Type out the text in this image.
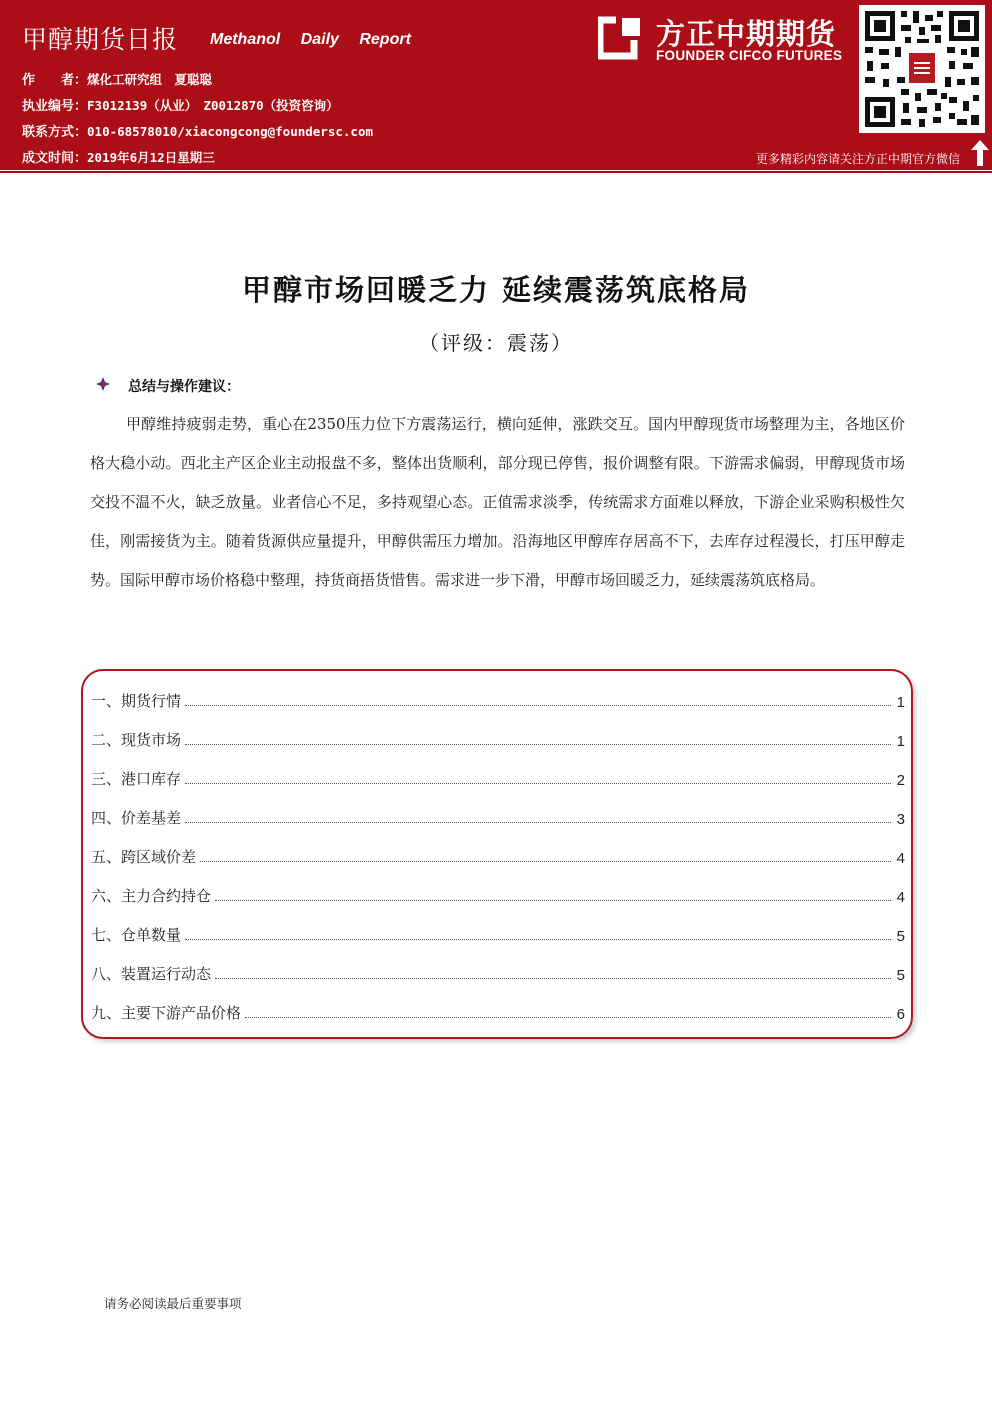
甲醇期货日报 Methanol Daily Report
作　　者：煤化工研究组　夏聪聪
执业编号：F3012139（从业）　Z0012870（投资咨询）
联系方式：010-68578010/xiacongcong@foundersc.com
成文时间：2019年6月12日星期三
方正中期期货
FOUNDER CIFCO FUTURES
更多精彩内容请关注方正中期官方微信
甲醇市场回暖乏力 延续震荡筑底格局
（评级：震荡）
总结与操作建议：

甲醇维持疲弱走势，重心在2350压力位下方震荡运行，横向延伸，涨跌交互。国内甲醇现货市场整理为主，各地区价格大稳小动。西北主产区企业主动报盘不多，整体出货顺利，部分现已停售，报价调整有限。下游需求偏弱，甲醇现货市场交投不温不火，缺乏放量。业者信心不足，多持观望心态。正值需求淡季，传统需求方面难以释放，下游企业采购积极性欠佳，刚需接货为主。随着货源供应量提升，甲醇供需压力增加。沿海地区甲醇库存居高不下，去库存过程漫长，打压甲醇走势。国际甲醇市场价格稳中整理，持货商捂货惜售。需求进一步下滑，甲醇市场回暖乏力，延续震荡筑底格局。

一、期货行情	1
二、现货市场	1
三、港口库存	2
四、价差基差	3
五、跨区域价差	4
六、主力合约持仓	4
七、仓单数量	5
八、装置运行动态	5
九、主要下游产品价格	6
请务必阅读最后重要事项
